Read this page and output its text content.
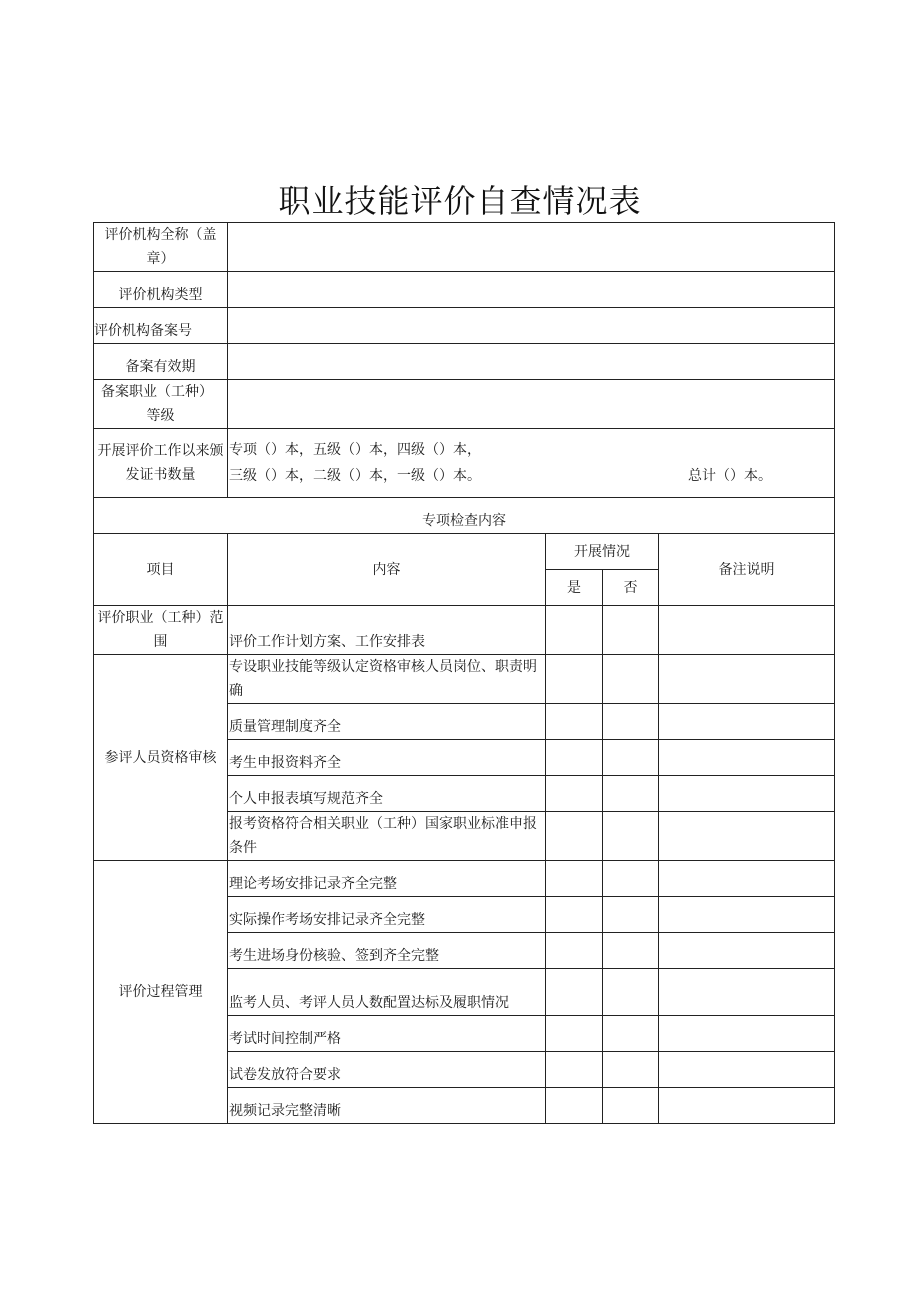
职业技能评价自查情况表
评价机构全称（盖章）				
评价机构类型				
评价机构备案号				
备案有效期				
备案职业（工种） 等级				
开展评价工作以来颁发证书数量	专项（）本，五级（）本，四级（）本，
三级（）本，二级（）本，一级（）本。 总计（）本。			

专项检查内容				
项目	内容	开展情况		备注说明
		是	否	
评价职业（工种）范围	评价工作计划方案、工作安排表			
参评人员资格审核	专设职业技能等级认定资格审核人员岗位、职责明确			
	质量管理制度齐全			
	考生申报资料齐全			
	个人申报表填写规范齐全			
	报考资格符合相关职业（工种）国家职业标准申报条件			
评价过程管理	理论考场安排记录齐全完整			
	实际操作考场安排记录齐全完整			
	考生进场身份核验、签到齐全完整			
	监考人员、考评人员人数配置达标及履职情况			
	考试时间控制严格			
	试卷发放符合要求			
	视频记录完整清晰			
